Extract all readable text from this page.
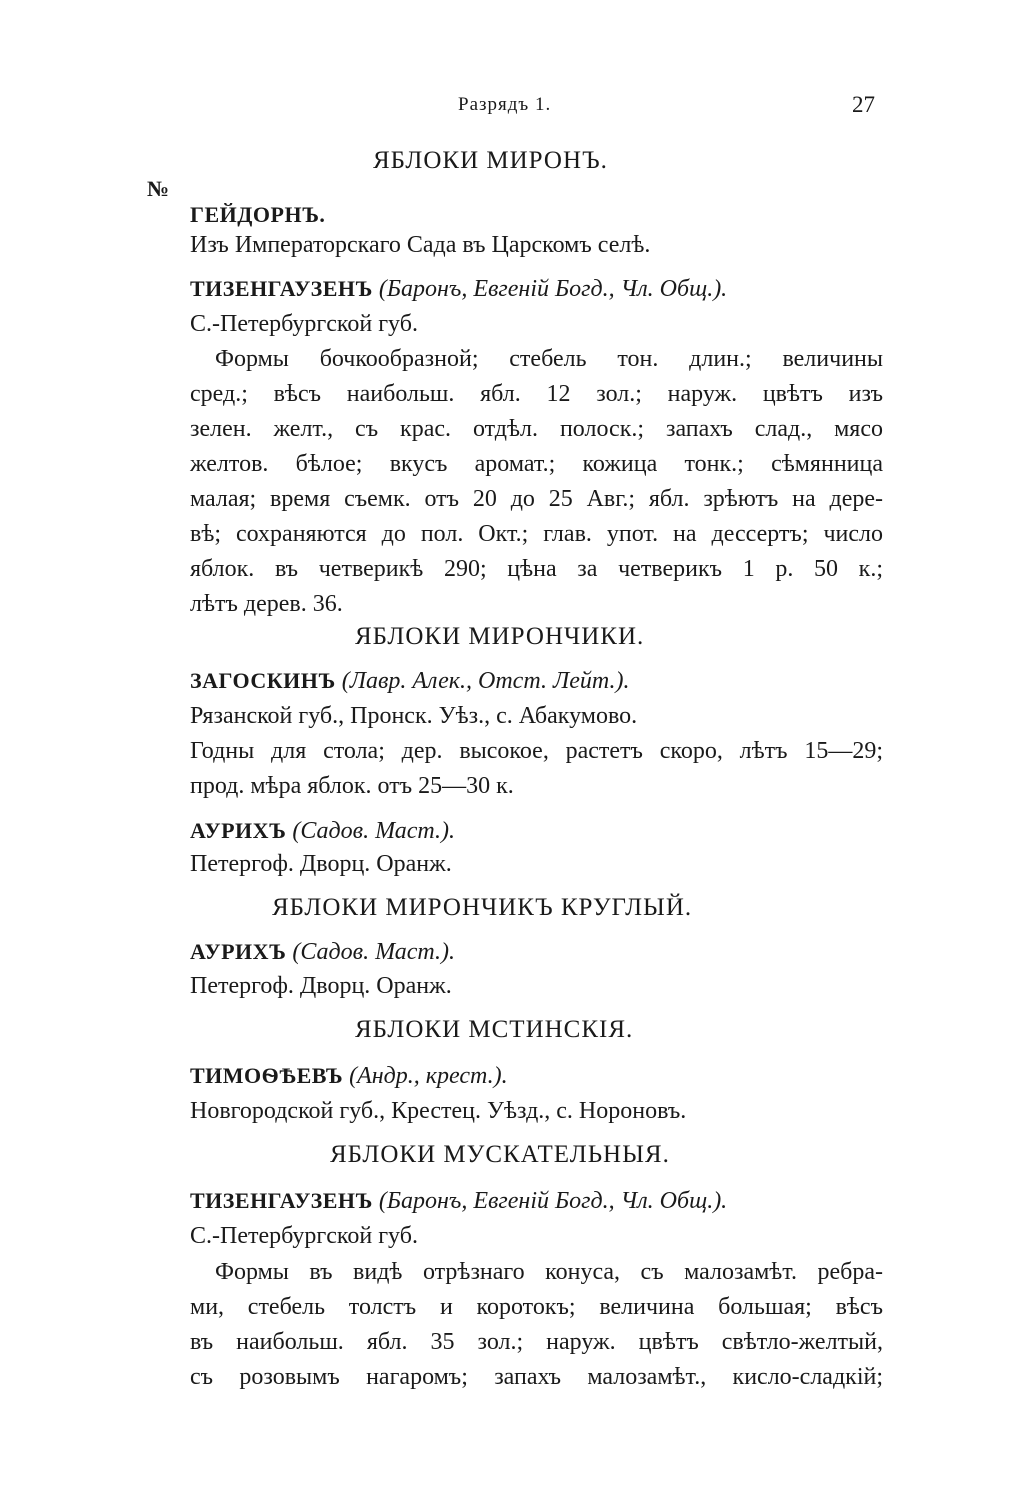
Разрядъ 1.	27
ЯБЛОКИ МИРОНЪ.
№
ГЕЙДОРНЪ.
Изъ Императорскаго Сада въ Царскомъ селѣ.
ТИЗЕНГАУЗЕНЪ (Баронъ, Евгеній Богд., Чл. Общ.).
С.-Петербургской губ.
Формы бочкообразной; стебель тон. длин.; величины
сред.; вѣсъ наибольш. ябл. 12 зол.; наруж. цвѣтъ изъ
зелен. желт., съ крас. отдѣл. полоск.; запахъ слад., мясо
желтов. бѣлое; вкусъ аромат.; кожица тонк.; сѣмянница
малая; время съемк. отъ 20 до 25 Авг.; ябл. зрѣютъ на дере-
вѣ; сохраняются до пол. Окт.; глав. упот. на дессертъ; число
яблок. въ четверикѣ 290; цѣна за четверикъ 1 р. 50 к.;
лѣтъ дерев. 36.
ЯБЛОКИ МИРОНЧИКИ.
ЗАГОСКИНЪ (Лавр. Алек., Отст. Лейт.).
Рязанской губ., Пронск. Уѣз., с. Абакумово.
Годны для стола; дер. высокое, растетъ скоро, лѣтъ 15—29;
прод. мѣра яблок. отъ 25—30 к.
АУРИХЪ (Садов. Маст.).
Петергоф. Дворц. Оранж.
ЯБЛОКИ МИРОНЧИКЪ КРУГЛЫЙ.
АУРИХЪ (Садов. Маст.).
Петергоф. Дворц. Оранж.
ЯБЛОКИ МСТИНСКІЯ.
ТИМОѲѢЕВЪ (Андр., крест.).
Новгородской губ., Крестец. Уѣзд., с. Нороновъ.
ЯБЛОКИ МУСКАТЕЛЬНЫЯ.
ТИЗЕНГАУЗЕНЪ (Баронъ, Евгеній Богд., Чл. Общ.).
С.-Петербургской губ.
Формы въ видѣ отрѣзнаго конуса, съ малозамѣт. ребра-
ми, стебель толстъ и коротокъ; величина большая; вѣсъ
въ наибольш. ябл. 35 зол.; наруж. цвѣтъ свѣтло-желтый,
съ розовымъ нагаромъ; запахъ малозамѣт., кисло-сладкій;
